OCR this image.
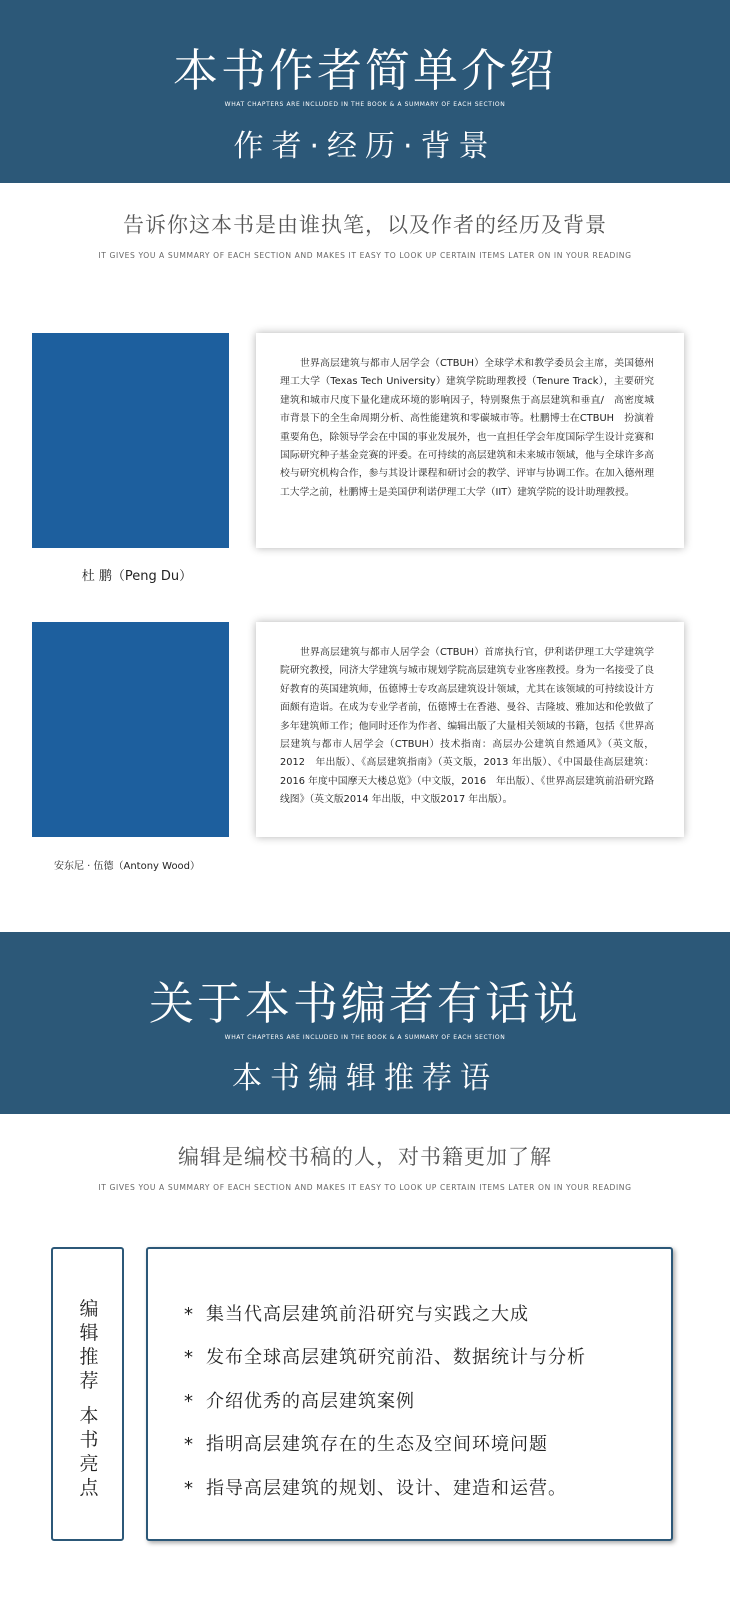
本书作者简单介绍
WHAT CHAPTERS ARE INCLUDED IN THE BOOK & A SUMMARY OF EACH SECTION
作者·经历·背景
告诉你这本书是由谁执笔，以及作者的经历及背景
IT GIVES YOU A SUMMARY OF EACH SECTION AND MAKES IT EASY TO LOOK UP CERTAIN ITEMS LATER ON IN YOUR READING

世界高层建筑与都市人居学会（CTBUH）全球学术和教学委员会主席，美国德州理工大学（Texas Tech University）建筑学院助理教授（Tenure Track），主要研究建筑和城市尺度下量化建成环境的影响因子，特别聚焦于高层建筑和垂直/　高密度城市背景下的全生命周期分析、高性能建筑和零碳城市等。杜鹏博士在CTBUH　扮演着重要角色，除领导学会在中国的事业发展外，也一直担任学会年度国际学生设计竞赛和国际研究种子基金竞赛的评委。在可持续的高层建筑和未来城市领域，他与全球许多高校与研究机构合作，参与其设计课程和研讨会的教学、评审与协调工作。在加入德州理工大学之前，杜鹏博士是美国伊利诺伊理工大学（IIT）建筑学院的设计助理教授。

杜 鹏（Peng Du）

世界高层建筑与都市人居学会（CTBUH）首席执行官，伊利诺伊理工大学建筑学院研究教授，同济大学建筑与城市规划学院高层建筑专业客座教授。身为一名接受了良好教育的英国建筑师，伍德博士专攻高层建筑设计领域，尤其在该领域的可持续设计方面颇有造诣。在成为专业学者前，伍德博士在香港、曼谷、吉隆坡、雅加达和伦敦做了多年建筑师工作；他同时还作为作者、编辑出版了大量相关领域的书籍，包括《世界高层建筑与都市人居学会（CTBUH）技术指南：高层办公建筑自然通风》（英文版，2012　年出版）、《高层建筑指南》（英文版，2013 年出版）、《中国最佳高层建筑：2016 年度中国摩天大楼总览》（中文版，2016　年出版）、《世界高层建筑前沿研究路线图》（英文版2014 年出版，中文版2017 年出版）。

安东尼 · 伍德（Antony Wood）
关于本书编者有话说
WHAT CHAPTERS ARE INCLUDED IN THE BOOK & A SUMMARY OF EACH SECTION
本书编辑推荐语
编辑是编校书稿的人，对书籍更加了解
IT GIVES YOU A SUMMARY OF EACH SECTION AND MAKES IT EASY TO LOOK UP CERTAIN ITEMS LATER ON IN YOUR READING
编辑推荐
本书亮点
* 集当代高层建筑前沿研究与实践之大成
* 发布全球高层建筑研究前沿、数据统计与分析
* 介绍优秀的高层建筑案例
* 指明高层建筑存在的生态及空间环境问题
* 指导高层建筑的规划、设计、建造和运营。
